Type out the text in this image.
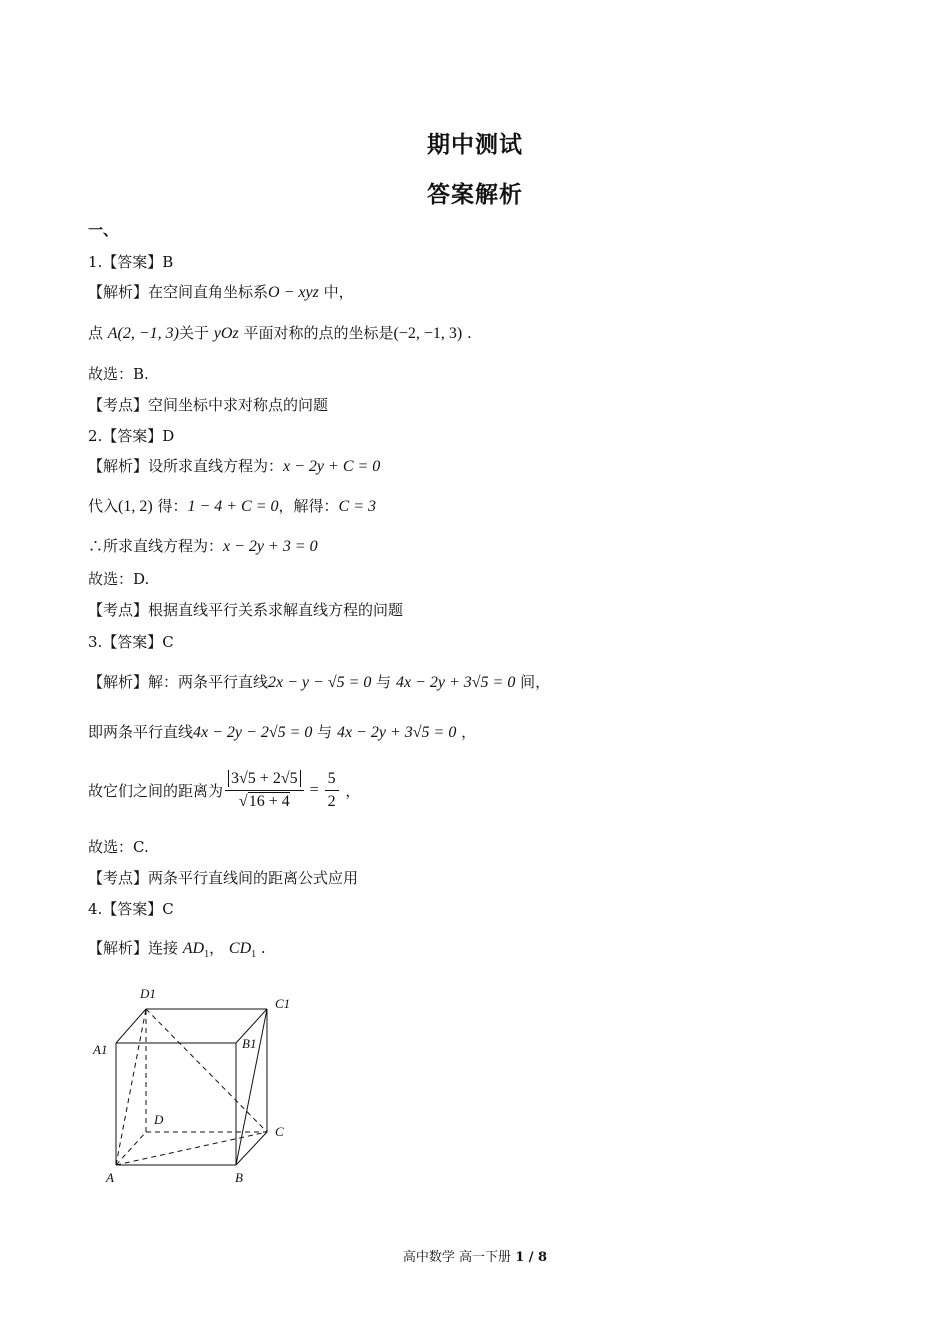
期中测试
答案解析
一、
1.【答案】B
【解析】在空间直角坐标系O − xyz 中，
点 A(2, −1, 3)关于 yOz 平面对称的点的坐标是(−2, −1, 3) .
故选：B.
【考点】空间坐标中求对称点的问题
2.【答案】D
【解析】设所求直线方程为：x − 2y + C = 0
代入(1, 2) 得：1 − 4 + C = 0，解得：C = 3
∴所求直线方程为：x − 2y + 3 = 0
故选：D.
【考点】根据直线平行关系求解直线方程的问题
3.【答案】C
【解析】解：两条平行直线2x − y − √5 = 0 与 4x − 2y + 3√5 = 0 间，
即两条平行直线4x − 2y − 2√5 = 0 与 4x − 2y + 3√5 = 0 ，
故它们之间的距离为 $\frac{3√5 + 2√5}{√16 + 4} = \frac{5}{2}$ ，
故选：C.
【考点】两条平行直线间的距离公式应用
4.【答案】C
【解析】连接 $AD_1$， $CD_1$ .
D1
C1
A1	B1
D
C
A	B
高中数学 高一下册 1 / 8
